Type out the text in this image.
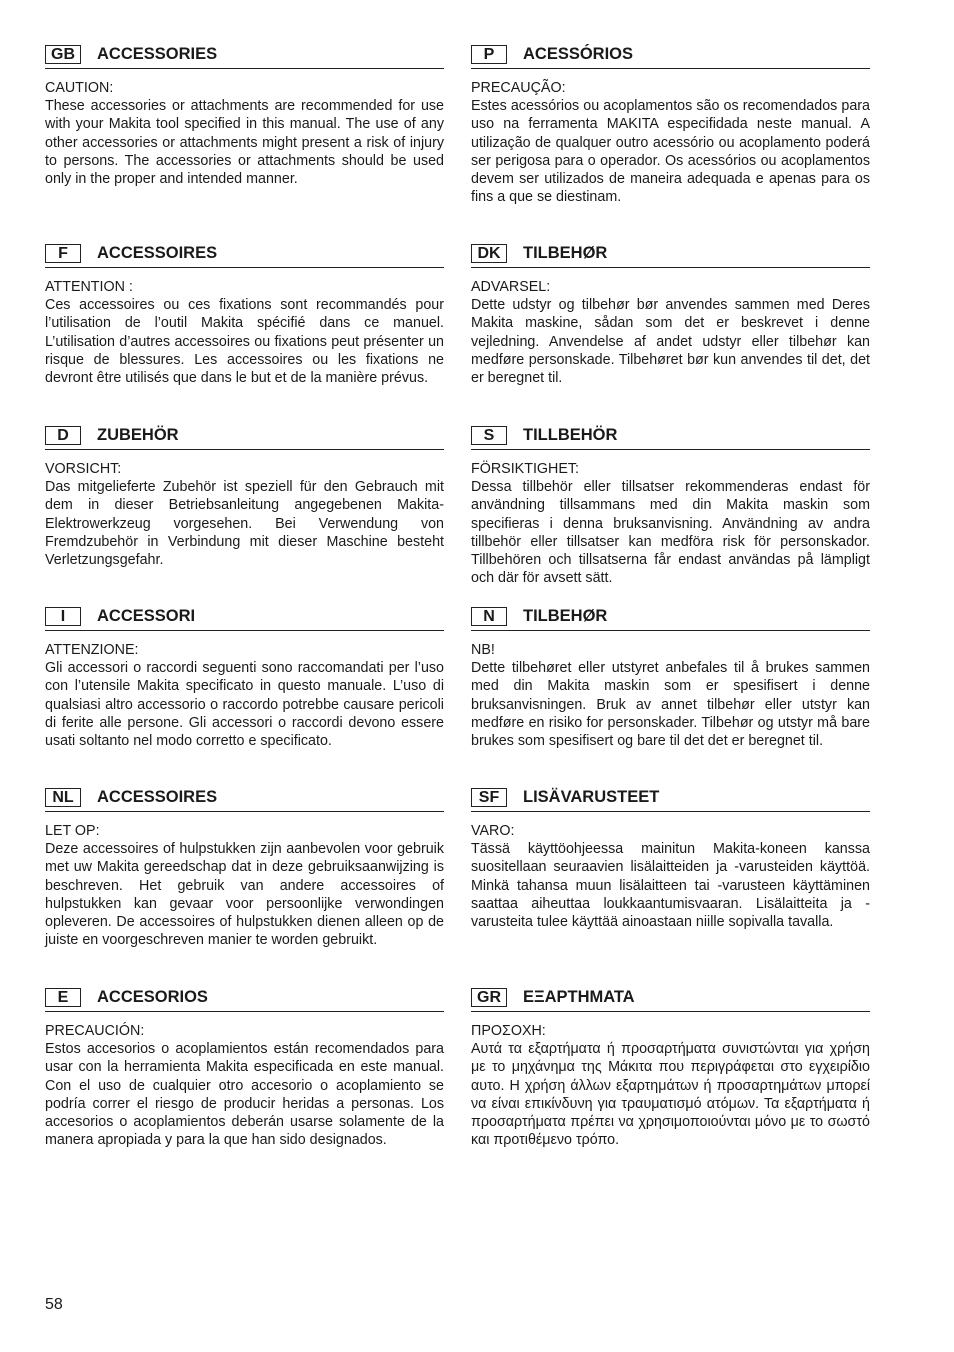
GB	ACCESSORIES
CAUTION:
These accessories or attachments are recommended for use with your Makita tool specified in this manual. The use of any other accessories or attachments might present a risk of injury to persons. The accessories or attachments should be used only in the proper and intended manner.
F	ACCESSOIRES
ATTENTION :
Ces accessoires ou ces fixations sont recommandés pour l’utilisation de l’outil Makita spécifié dans ce manuel. L’utilisation d’autres accessoires ou fixations peut présenter un risque de blessures. Les accessoires ou les fixations ne devront être utilisés que dans le but et de la manière prévus.
D	ZUBEHÖR
VORSICHT:
Das mitgelieferte Zubehör ist speziell für den Gebrauch mit dem in dieser Betriebsanleitung angegebenen Makita-Elektrowerkzeug vorgesehen. Bei Verwendung von Fremdzubehör in Verbindung mit dieser Maschine besteht Verletzungsgefahr.
I	ACCESSORI
ATTENZIONE:
Gli accessori o raccordi seguenti sono raccomandati per l’uso con l’utensile Makita specificato in questo manuale. L’uso di qualsiasi altro accessorio o raccordo potrebbe causare pericoli di ferite alle persone. Gli accessori o raccordi devono essere usati soltanto nel modo corretto e specificato.
NL	ACCESSOIRES
LET OP:
Deze accessoires of hulpstukken zijn aanbevolen voor gebruik met uw Makita gereedschap dat in deze gebruiksaanwijzing is beschreven. Het gebruik van andere accessoires of hulpstukken kan gevaar voor persoonlijke verwondingen opleveren. De accessoires of hulpstukken dienen alleen op de juiste en voorgeschreven manier te worden gebruikt.
E	ACCESORIOS
PRECAUCIÓN:
Estos accesorios o acoplamientos están recomendados para usar con la herramienta Makita especificada en este manual. Con el uso de cualquier otro accesorio o acoplamiento se podría correr el riesgo de producir heridas a personas. Los accesorios o acoplamientos deberán usarse solamente de la manera apropiada y para la que han sido designados.
P	ACESSÓRIOS
PRECAUÇÃO:
Estes acessórios ou acoplamentos são os recomendados para uso na ferramenta MAKITA especifidada neste manual. A utilização de qualquer outro acessório ou acoplamento poderá ser perigosa para o operador. Os acessórios ou acoplamentos devem ser utilizados de maneira adequada e apenas para os fins a que se diestinam.
DK	TILBEHØR
ADVARSEL:
Dette udstyr og tilbehør bør anvendes sammen med Deres Makita maskine, sådan som det er beskrevet i denne vejledning. Anvendelse af andet udstyr eller tilbehør kan medføre personskade. Tilbehøret bør kun anvendes til det, det er beregnet til.
S	TILLBEHÖR
FÖRSIKTIGHET:
Dessa tillbehör eller tillsatser rekommenderas endast för användning tillsammans med din Makita maskin som specifieras i denna bruksanvisning. Användning av andra tillbehör eller tillsatser kan medföra risk för personskador. Tillbehören och tillsatserna får endast användas på lämpligt och där för avsett sätt.
N	TILBEHØR
NB!
Dette tilbehøret eller utstyret anbefales til å brukes sammen med din Makita maskin som er spesifisert i denne bruksanvisningen. Bruk av annet tilbehør eller utstyr kan medføre en risiko for personskader. Tilbehør og utstyr må bare brukes som spesifisert og bare til det det er beregnet til.
SF	LISÄVARUSTEET
VARO:
Tässä käyttöohjeessa mainitun Makita-koneen kanssa suositellaan seuraavien lisälaitteiden ja -varusteiden käyttöä. Minkä tahansa muun lisälaitteen tai -varusteen käyttäminen saattaa aiheuttaa loukkaantumisvaaran. Lisälaitteita ja -varusteita tulee käyttää ainoastaan niille sopivalla tavalla.
GR	ΕΞΑΡΤΗΜΑΤΑ
ΠΡΟΣΟΧΗ:
Αυτά τα εξαρτήματα ή προσαρτήματα συνιστώνται για χρήση με το μηχάνημα της Μάκιτα που περιγράφεται στο εγχειρίδιο αυτο. Η χρήση άλλων εξαρτημάτων ή προσαρτημάτων μπορεί να είναι επικίνδυνη για τραυματισμό ατόμων. Τα εξαρτήματα ή προσαρτήματα πρέπει να χρησιμοποιούνται μόνο με το σωστό και προτιθέμενο τρόπο.
58
